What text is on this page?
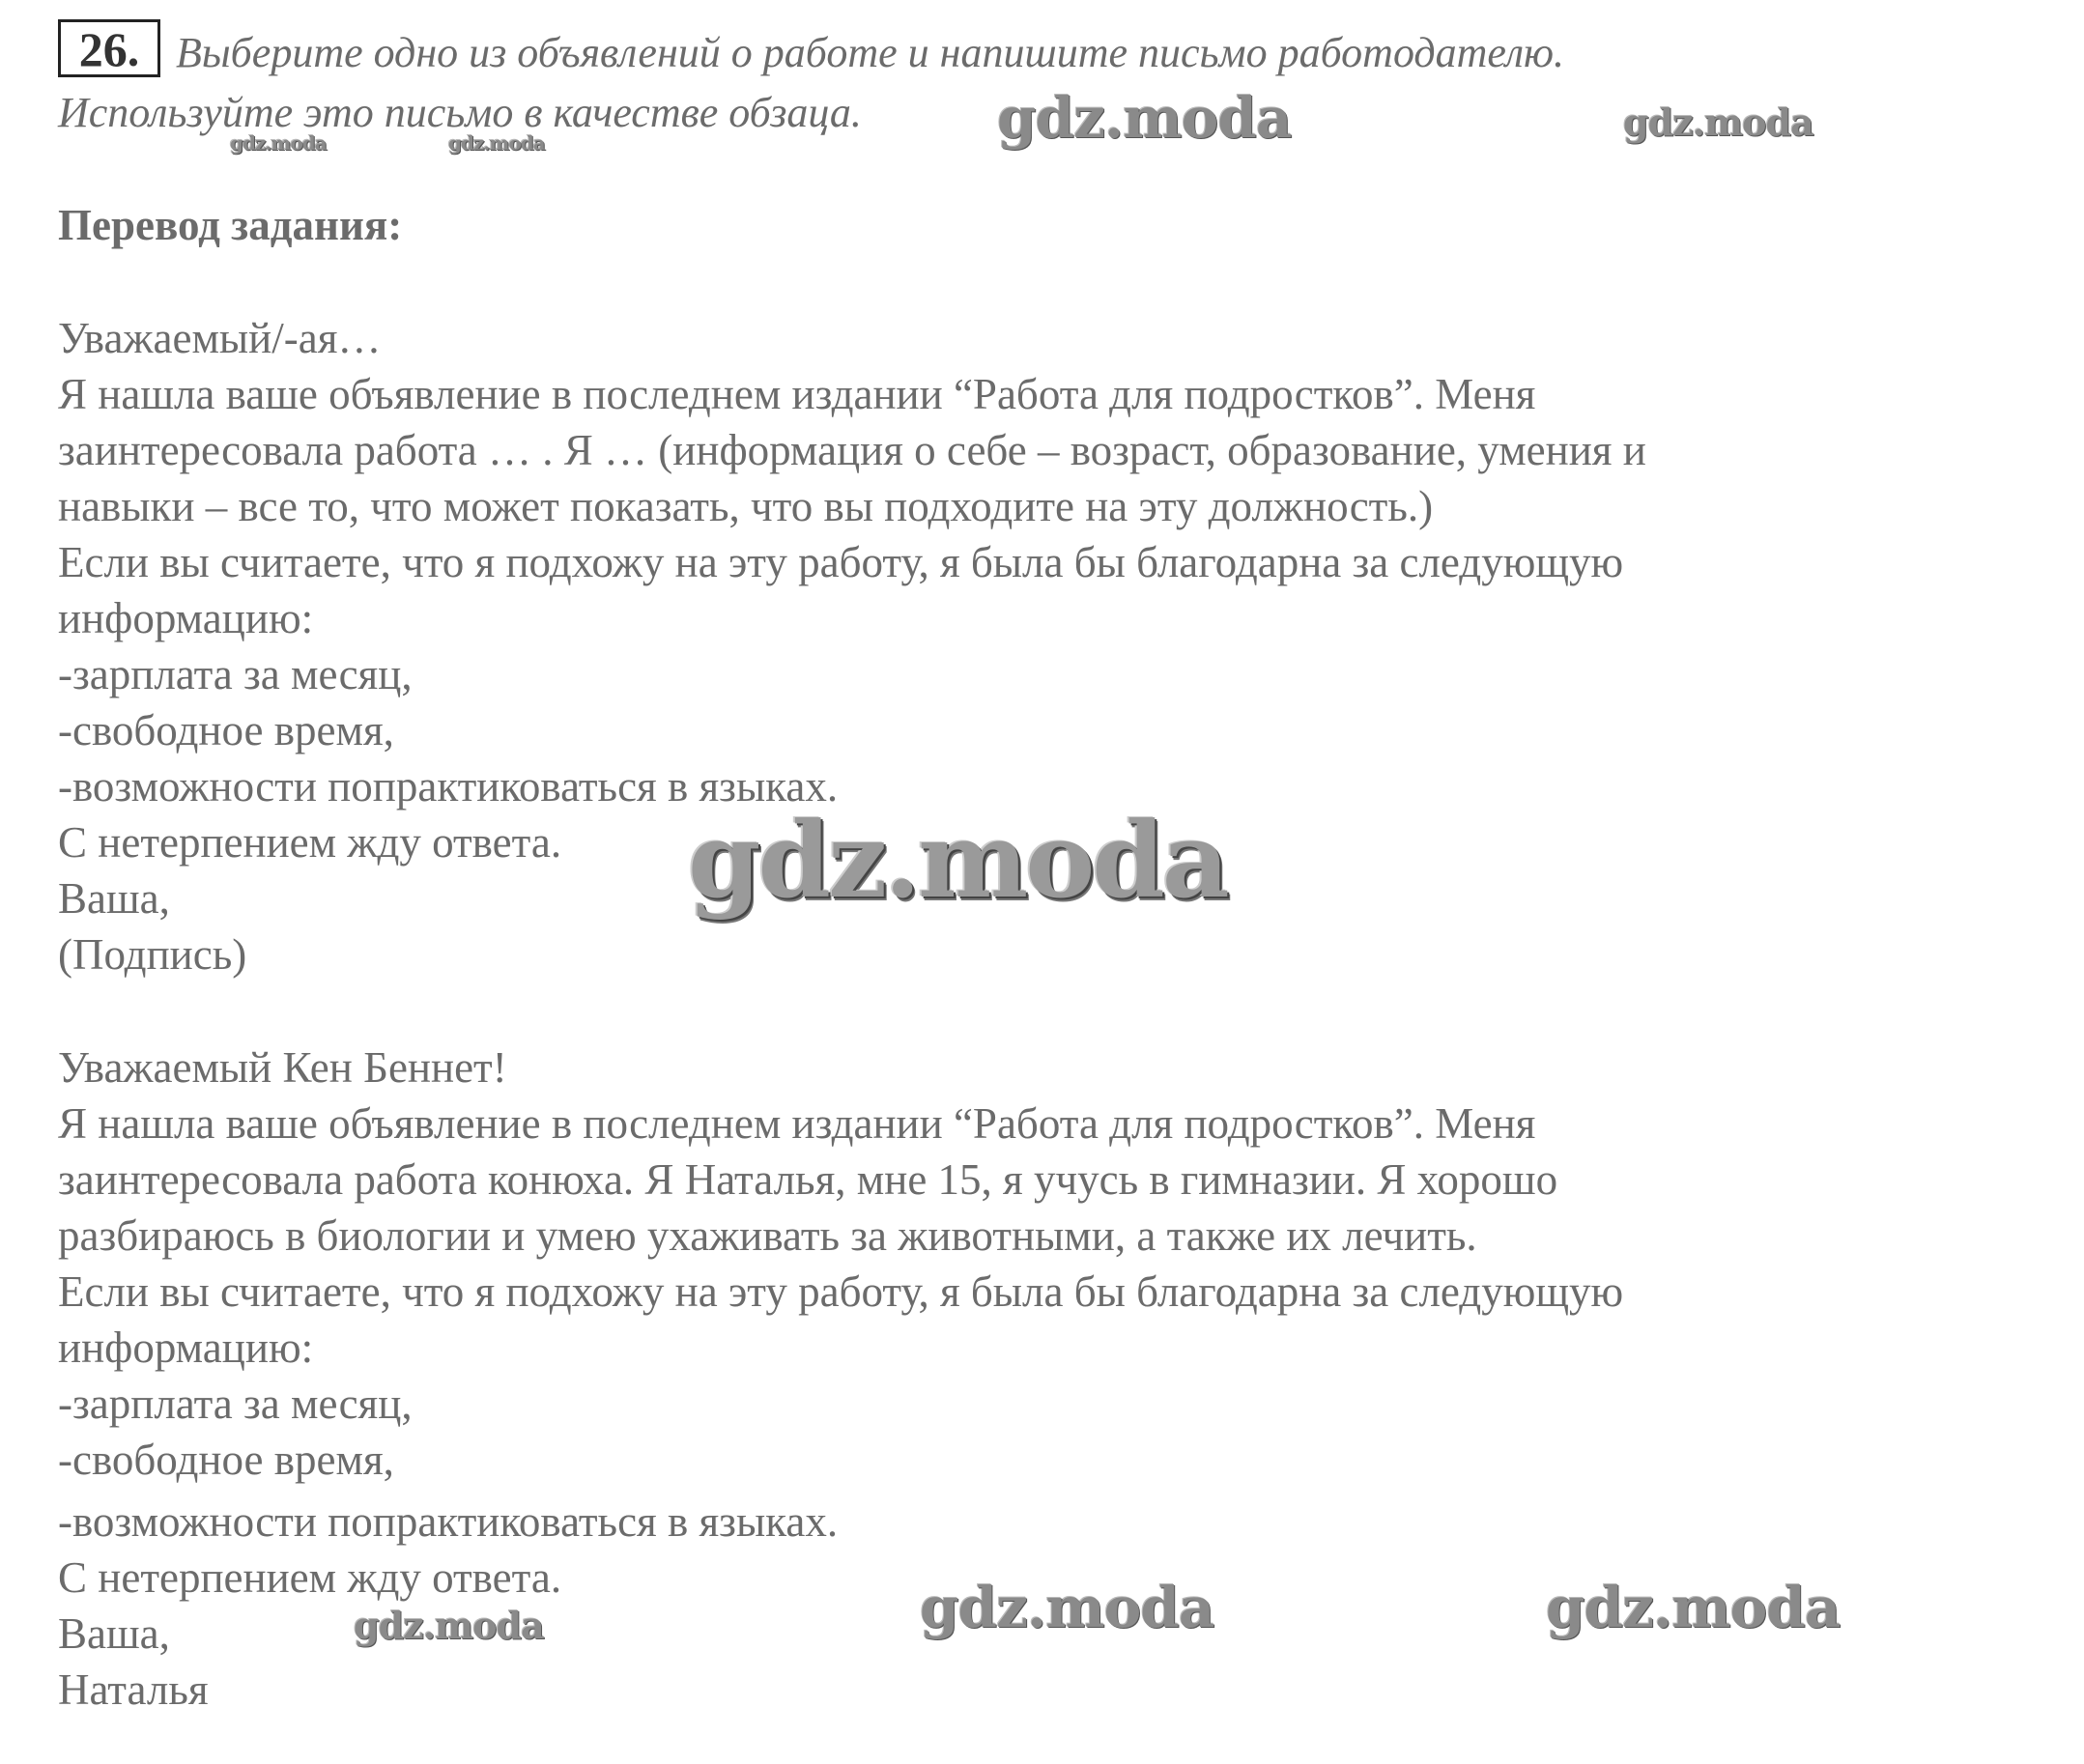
26. Выберите одно из объявлений о работе и напишите письмо работодателю.
Используйте это письмо в качестве обзаца.
Перевод задания:
Уважаемый/-ая…
Я нашла ваше объявление в последнем издании “Работа для подростков”. Меня
заинтересовала работа … . Я … (информация о себе – возраст, образование, умения и
навыки – все то, что может показать, что вы подходите на эту должность.)
Если вы считаете, что я подхожу на эту работу, я была бы благодарна за следующую
информацию:
-зарплата за месяц,
-свободное время,
-возможности попрактиковаться в языках.
С нетерпением жду ответа.
Ваша,
(Подпись)
Уважаемый Кен Беннет!
Я нашла ваше объявление в последнем издании “Работа для подростков”. Меня
заинтересовала работа конюха. Я Наталья, мне 15, я учусь в гимназии. Я хорошо
разбираюсь в биологии и умею ухаживать за животными, а также их лечить.
Если вы считаете, что я подхожу на эту работу, я была бы благодарна за следующую
информацию:
-зарплата за месяц,
-свободное время,
-возможности попрактиковаться в языках.
С нетерпением жду ответа.
Ваша,
Наталья
gdz.moda	gdz.moda
gdz.moda	gdz.moda
gdz.moda
gdz.moda	gdz.moda	gdz.moda
